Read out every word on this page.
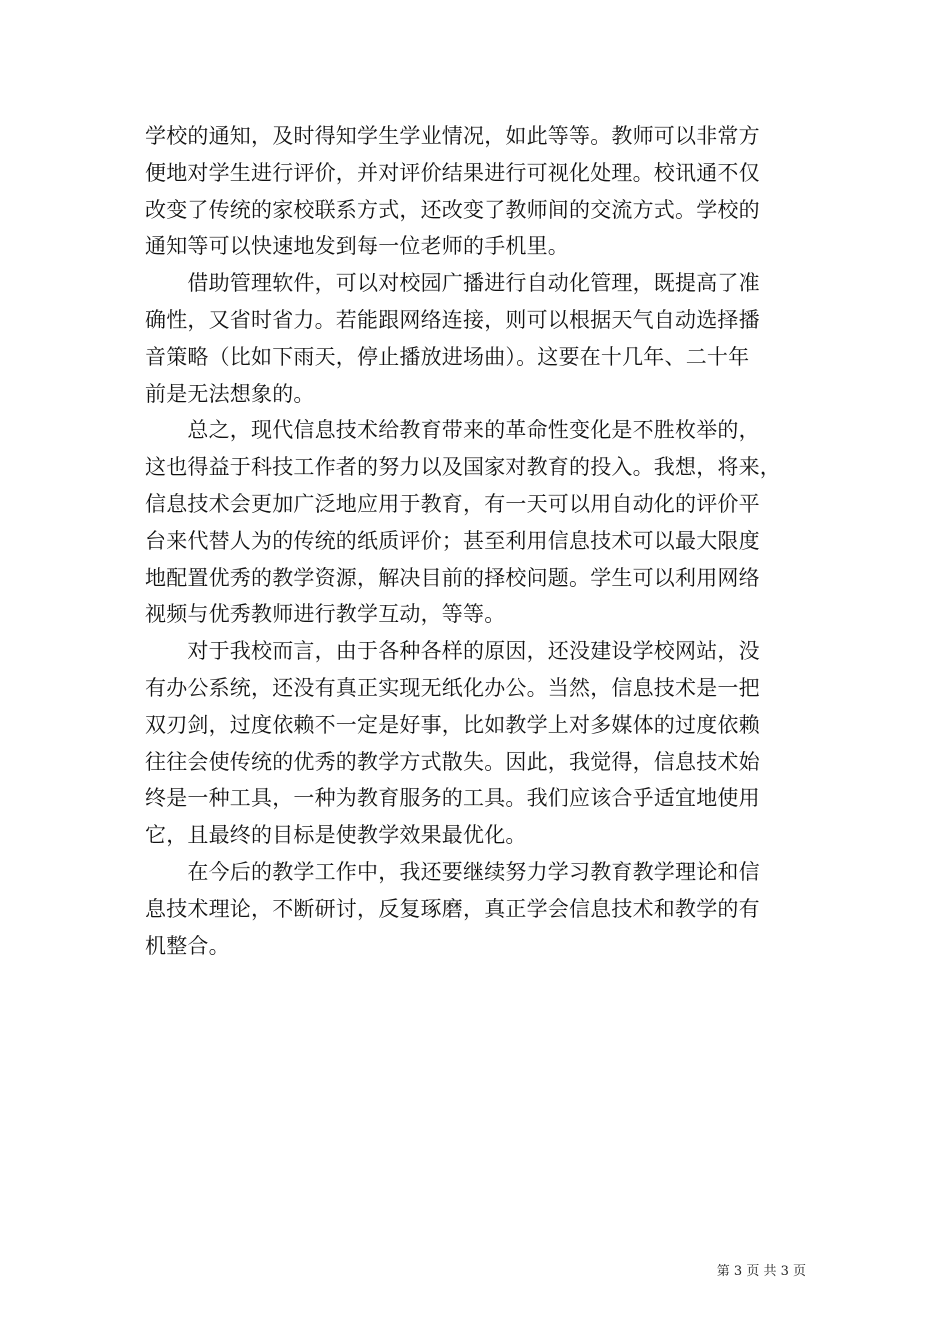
学校的通知，及时得知学生学业情况，如此等等。教师可以非常方
便地对学生进行评价，并对评价结果进行可视化处理。校讯通不仅
改变了传统的家校联系方式，还改变了教师间的交流方式。学校的
通知等可以快速地发到每一位老师的手机里。
　　借助管理软件，可以对校园广播进行自动化管理，既提高了准
确性，又省时省力。若能跟网络连接，则可以根据天气自动选择播
音策略（比如下雨天，停止播放进场曲）。这要在十几年、二十年
前是无法想象的。
　　总之，现代信息技术给教育带来的革命性变化是不胜枚举的，
这也得益于科技工作者的努力以及国家对教育的投入。我想，将来，
信息技术会更加广泛地应用于教育，有一天可以用自动化的评价平
台来代替人为的传统的纸质评价；甚至利用信息技术可以最大限度
地配置优秀的教学资源，解决目前的择校问题。学生可以利用网络
视频与优秀教师进行教学互动，等等。
　　对于我校而言，由于各种各样的原因，还没建设学校网站，没
有办公系统，还没有真正实现无纸化办公。当然，信息技术是一把
双刃剑，过度依赖不一定是好事，比如教学上对多媒体的过度依赖
往往会使传统的优秀的教学方式散失。因此，我觉得，信息技术始
终是一种工具，一种为教育服务的工具。我们应该合乎适宜地使用
它，且最终的目标是使教学效果最优化。
　　在今后的教学工作中，我还要继续努力学习教育教学理论和信
息技术理论，不断研讨，反复琢磨，真正学会信息技术和教学的有
机整合。
第 3 页 共 3 页
